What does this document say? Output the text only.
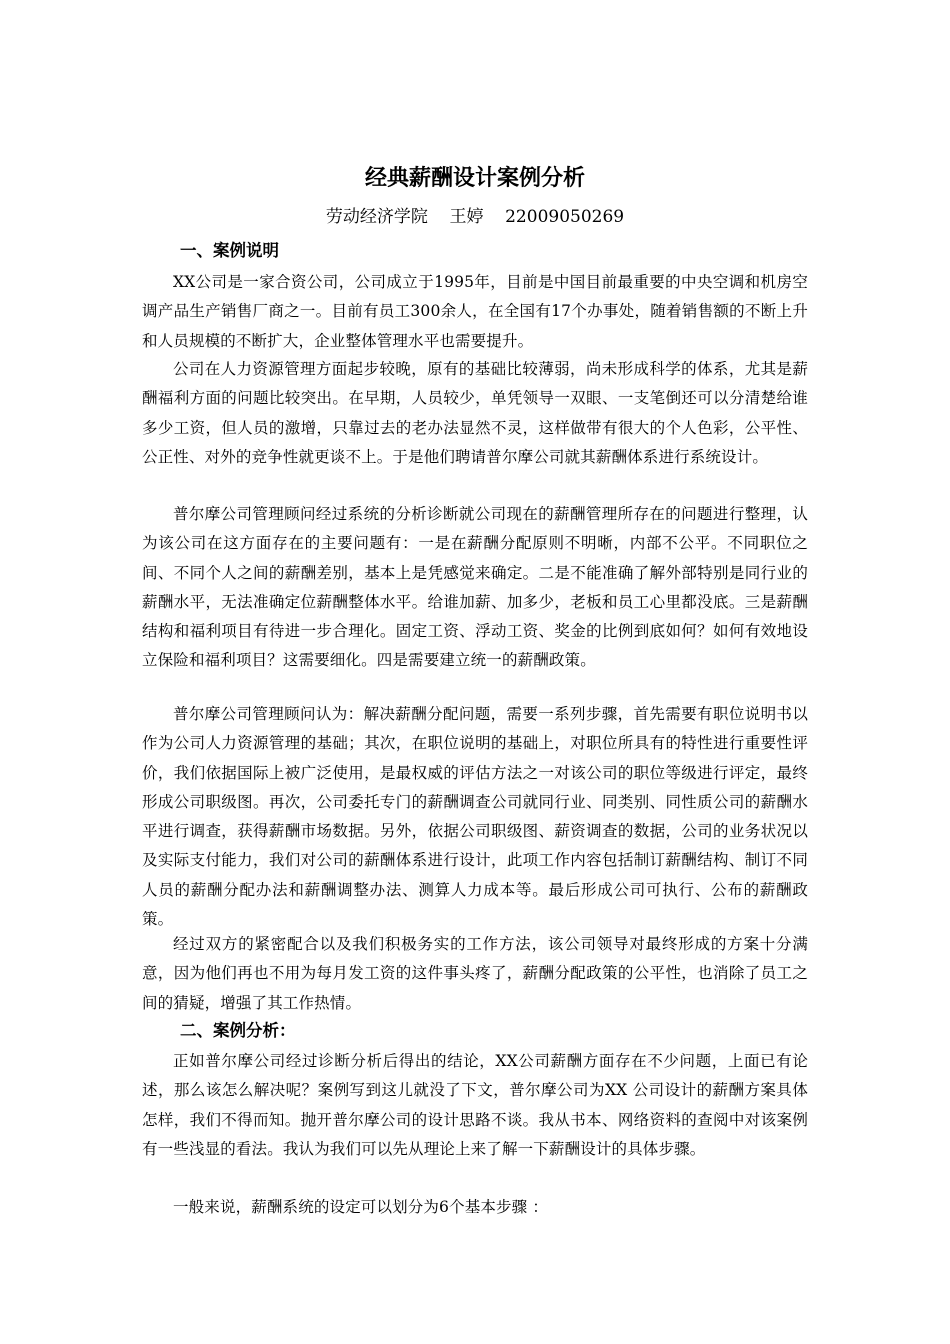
经典薪酬设计案例分析

劳动经济学院    王婷    22009050269

一、案例说明

XX公司是一家合资公司，公司成立于1995年，目前是中国目前最重要的中央空调和机房空调产品生产销售厂商之一。目前有员工300余人，在全国有17个办事处，随着销售额的不断上升和人员规模的不断扩大，企业整体管理水平也需要提升。

公司在人力资源管理方面起步较晚，原有的基础比较薄弱，尚未形成科学的体系，尤其是薪酬福利方面的问题比较突出。在早期，人员较少，单凭领导一双眼、一支笔倒还可以分清楚给谁多少工资，但人员的激增，只靠过去的老办法显然不灵，这样做带有很大的个人色彩，公平性、公正性、对外的竞争性就更谈不上。于是他们聘请普尔摩公司就其薪酬体系进行系统设计。

普尔摩公司管理顾问经过系统的分析诊断就公司现在的薪酬管理所存在的问题进行整理，认为该公司在这方面存在的主要问题有：一是在薪酬分配原则不明晰，内部不公平。不同职位之间、不同个人之间的薪酬差别，基本上是凭感觉来确定。二是不能准确了解外部特别是同行业的薪酬水平，无法准确定位薪酬整体水平。给谁加薪、加多少，老板和员工心里都没底。三是薪酬结构和福利项目有待进一步合理化。固定工资、浮动工资、奖金的比例到底如何？如何有效地设立保险和福利项目？这需要细化。四是需要建立统一的薪酬政策。

普尔摩公司管理顾问认为：解决薪酬分配问题，需要一系列步骤，首先需要有职位说明书以作为公司人力资源管理的基础；其次，在职位说明的基础上，对职位所具有的特性进行重要性评价，我们依据国际上被广泛使用，是最权威的评估方法之一对该公司的职位等级进行评定，最终形成公司职级图。再次，公司委托专门的薪酬调查公司就同行业、同类别、同性质公司的薪酬水平进行调查，获得薪酬市场数据。另外，依据公司职级图、薪资调查的数据，公司的业务状况以及实际支付能力，我们对公司的薪酬体系进行设计，此项工作内容包括制订薪酬结构、制订不同人员的薪酬分配办法和薪酬调整办法、测算人力成本等。最后形成公司可执行、公布的薪酬政策。

经过双方的紧密配合以及我们积极务实的工作方法，该公司领导对最终形成的方案十分满意，因为他们再也不用为每月发工资的这件事头疼了，薪酬分配政策的公平性，也消除了员工之间的猜疑，增强了其工作热情。

二、案例分析：

正如普尔摩公司经过诊断分析后得出的结论，XX公司薪酬方面存在不少问题，上面已有论述，那么该怎么解决呢？案例写到这儿就没了下文，普尔摩公司为XX 公司设计的薪酬方案具体怎样，我们不得而知。抛开普尔摩公司的设计思路不谈。我从书本、网络资料的查阅中对该案例有一些浅显的看法。我认为我们可以先从理论上来了解一下薪酬设计的具体步骤。

一般来说，薪酬系统的设定可以划分为6个基本步骤 ：
